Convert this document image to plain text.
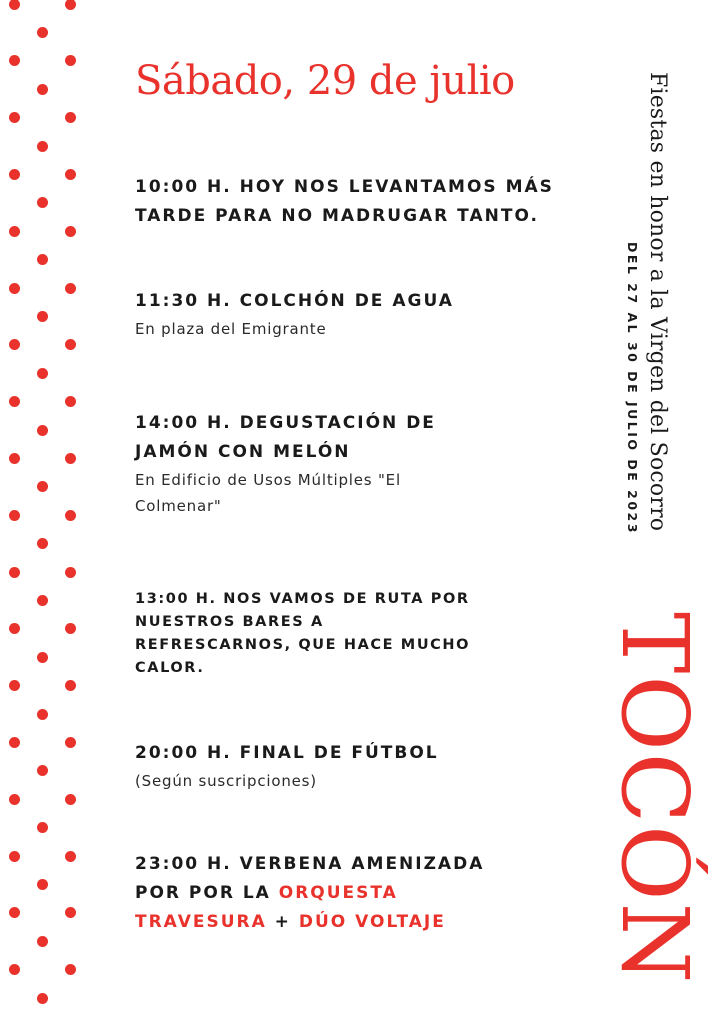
Sábado, 29 de julio
10:00 H. HOY NOS LEVANTAMOS MÁS TARDE PARA NO MADRUGAR TANTO.
11:30 H. COLCHÓN DE AGUA
En plaza del Emigrante
14:00 H. DEGUSTACIÓN DE JAMÓN CON MELÓN
En Edificio de Usos Múltiples "El Colmenar"
13:00 H. NOS VAMOS DE RUTA POR NUESTROS BARES A REFRESCARNOS, QUE HACE MUCHO CALOR.
20:00 H. FINAL DE FÚTBOL
(Según suscripciones)
23:00 H. VERBENA AMENIZADA POR POR LA ORQUESTA TRAVESURA + DÚO VOLTAJE
Fiestas en honor a la Virgen del Socorro
DEL 27 AL 30 DE JULIO DE 2023
TOCÓN
